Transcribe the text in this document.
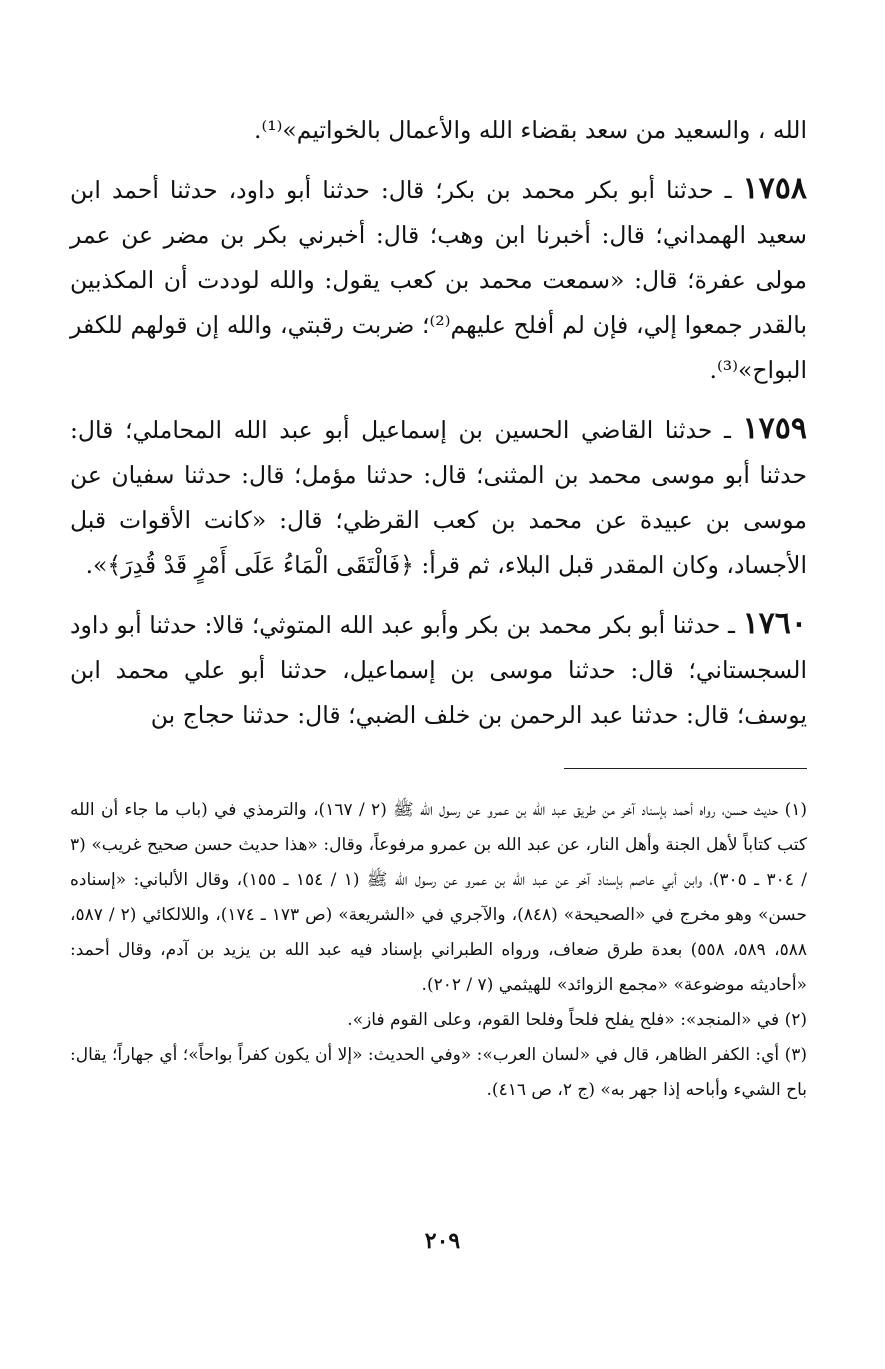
الله ، والسعيد من سعد بقضاء الله والأعمال بالخواتيم»⁽¹⁾.

١٧٥٨ ـ حدثنا أبو بكر محمد بن بكر؛ قال: حدثنا أبو داود، حدثنا أحمد ابن سعيد الهمداني؛ قال: أخبرنا ابن وهب؛ قال: أخبرني بكر بن مضر عن عمر مولى عفرة؛ قال: «سمعت محمد بن كعب يقول: والله لوددت أن المكذبين بالقدر جمعوا إلي، فإن لم أفلح عليهم⁽²⁾؛ ضربت رقبتي، والله إن قولهم للكفر البواح»⁽³⁾.

١٧٥٩ ـ حدثنا القاضي الحسين بن إسماعيل أبو عبد الله المحاملي؛ قال: حدثنا أبو موسى محمد بن المثنى؛ قال: حدثنا مؤمل؛ قال: حدثنا سفيان عن موسى بن عبيدة عن محمد بن كعب القرظي؛ قال: «كانت الأقوات قبل الأجساد، وكان المقدر قبل البلاء، ثم قرأ: ﴿فَالْتَقَى الْمَاءُ عَلَى أَمْرٍ قَدْ قُدِرَ﴾».

١٧٦٠ ـ حدثنا أبو بكر محمد بن بكر وأبو عبد الله المتوثي؛ قالا: حدثنا أبو داود السجستاني؛ قال: حدثنا موسى بن إسماعيل، حدثنا أبو علي محمد ابن يوسف؛ قال: حدثنا عبد الرحمن بن خلف الضبي؛ قال: حدثنا حجاج بن

(١) حديث حسن، رواه أحمد بإسناد آخر من طريق عبد الله بن عمرو عن رسول الله ﷺ (٢ / ١٦٧)، والترمذي في (باب ما جاء أن الله كتب كتاباً لأهل الجنة وأهل النار، عن عبد الله بن عمرو مرفوعاً، وقال: «هذا حديث حسن صحيح غريب» (٣ / ٣٠٤ ـ ٣٠٥)، وابن أبي عاصم بإسناد آخر عن عبد الله بن عمرو عن رسول الله ﷺ (١ / ١٥٤ ـ ١٥٥)، وقال الألباني: «إسناده حسن» وهو مخرج في «الصحيحة» (٨٤٨)، والآجري في «الشريعة» (ص ١٧٣ ـ ١٧٤)، واللالكائي (٢ / ٥٨٧، ٥٨٨، ٥٨٩، ٥٥٨) بعدة طرق ضعاف، ورواه الطبراني بإسناد فيه عبد الله بن يزيد بن آدم، وقال أحمد: «أحاديثه موضوعة» «مجمع الزوائد» للهيثمي (٧ / ٢٠٢).

(٢) في «المنجد»: «فلح يفلح فلحاً وفلحا القوم، وعلى القوم فاز».

(٣) أي: الكفر الظاهر، قال في «لسان العرب»: «وفي الحديث: «إلا أن يكون كفراً بواحاً»؛ أي جهاراً؛ يقال: باح الشيء وأباحه إذا جهر به» (ج ٢، ص ٤١٦).

٢٠٩
